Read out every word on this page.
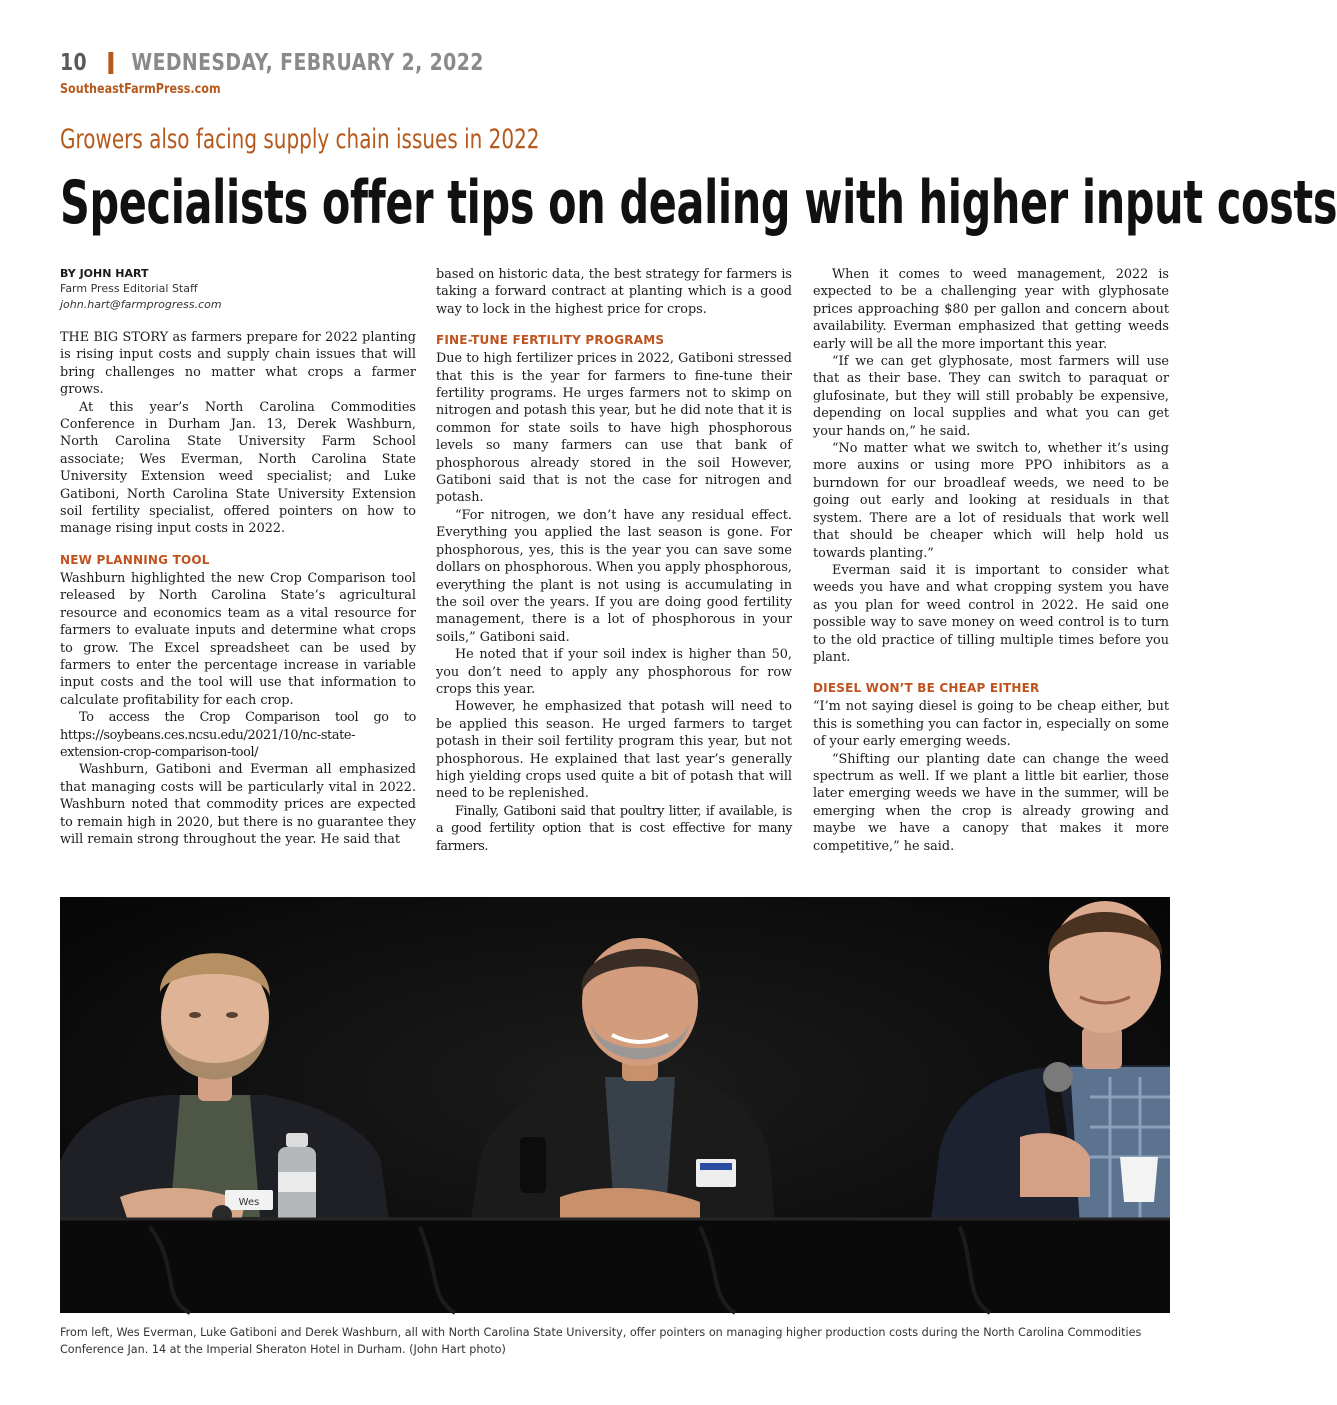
10 WEDNESDAY, FEBRUARY 2, 2022
SoutheastFarmPress.com
Growers also facing supply chain issues in 2022
Specialists offer tips on dealing with higher input costs
BY JOHN HART
Farm Press Editorial Staff
john.hart@farmprogress.com

THE BIG STORY as farmers prepare for 2022 planting is rising input costs and supply chain issues that will bring challenges no matter what crops a farmer grows.

At this year’s North Carolina Commodities Conference in Durham Jan. 13, Derek Washburn, North Carolina State University Farm School associate; Wes Everman, North Carolina State University Extension weed specialist; and Luke Gatiboni, North Carolina State University Extension soil fertility specialist, offered pointers on how to manage rising input costs in 2022.

NEW PLANNING TOOL

Washburn highlighted the new Crop Comparison tool released by North Carolina State’s agricultural resource and economics team as a vital resource for farmers to evaluate inputs and determine what crops to grow. The Excel spreadsheet can be used by farmers to enter the percentage increase in variable input costs and the tool will use that information to calculate profitability for each crop.

To access the Crop Comparison tool go to https://soybeans.ces.ncsu.edu/2021/10/nc-state-extension-crop-comparison-tool/

Washburn, Gatiboni and Everman all emphasized that managing costs will be particularly vital in 2022. Washburn noted that commodity prices are expected to remain high in 2020, but there is no guarantee they will remain strong throughout the year. He said that

based on historic data, the best strategy for farmers is taking a forward contract at planting which is a good way to lock in the highest price for crops.

FINE-TUNE FERTILITY PROGRAMS

Due to high fertilizer prices in 2022, Gatiboni stressed that this is the year for farmers to fine-tune their fertility programs. He urges farmers not to skimp on nitrogen and potash this year, but he did note that it is common for state soils to have high phosphorous levels so many farmers can use that bank of phosphorous already stored in the soil However, Gatiboni said that is not the case for nitrogen and potash.

“For nitrogen, we don’t have any residual effect. Everything you applied the last season is gone. For phosphorous, yes, this is the year you can save some dollars on phosphorous. When you apply phosphorous, everything the plant is not using is accumulating in the soil over the years. If you are doing good fertility management, there is a lot of phosphorous in your soils,” Gatiboni said.

He noted that if your soil index is higher than 50, you don’t need to apply any phosphorous for row crops this year.

However, he emphasized that potash will need to be applied this season. He urged farmers to target potash in their soil fertility program this year, but not phosphorous. He explained that last year’s generally high yielding crops used quite a bit of potash that will need to be replenished.

Finally, Gatiboni said that poultry litter, if available, is a good fertility option that is cost effective for many farmers.

When it comes to weed management, 2022 is expected to be a challenging year with glyphosate prices approaching $80 per gallon and concern about availability. Everman emphasized that getting weeds early will be all the more important this year.

“If we can get glyphosate, most farmers will use that as their base. They can switch to paraquat or glufosinate, but they will still probably be expensive, depending on local supplies and what you can get your hands on,” he said.

“No matter what we switch to, whether it’s using more auxins or using more PPO inhibitors as a burndown for our broadleaf weeds, we need to be going out early and looking at residuals in that system. There are a lot of residuals that work well that should be cheaper which will help hold us towards planting.”

Everman said it is important to consider what weeds you have and what cropping system you have as you plan for weed control in 2022. He said one possible way to save money on weed control is to turn to the old practice of tilling multiple times before you plant.

DIESEL WON’T BE CHEAP EITHER

“I’m not saying diesel is going to be cheap either, but this is something you can factor in, especially on some of your early emerging weeds.

“Shifting our planting date can change the weed spectrum as well. If we plant a little bit earlier, those later emerging weeds we have in the summer, will be emerging when the crop is already growing and maybe we have a canopy that makes it more competitive,” he said.

Wes
From left, Wes Everman, Luke Gatiboni and Derek Washburn, all with North Carolina State University, offer pointers on managing higher production costs during the North Carolina Commodities Conference Jan. 14 at the Imperial Sheraton Hotel in Durham. (John Hart photo)
